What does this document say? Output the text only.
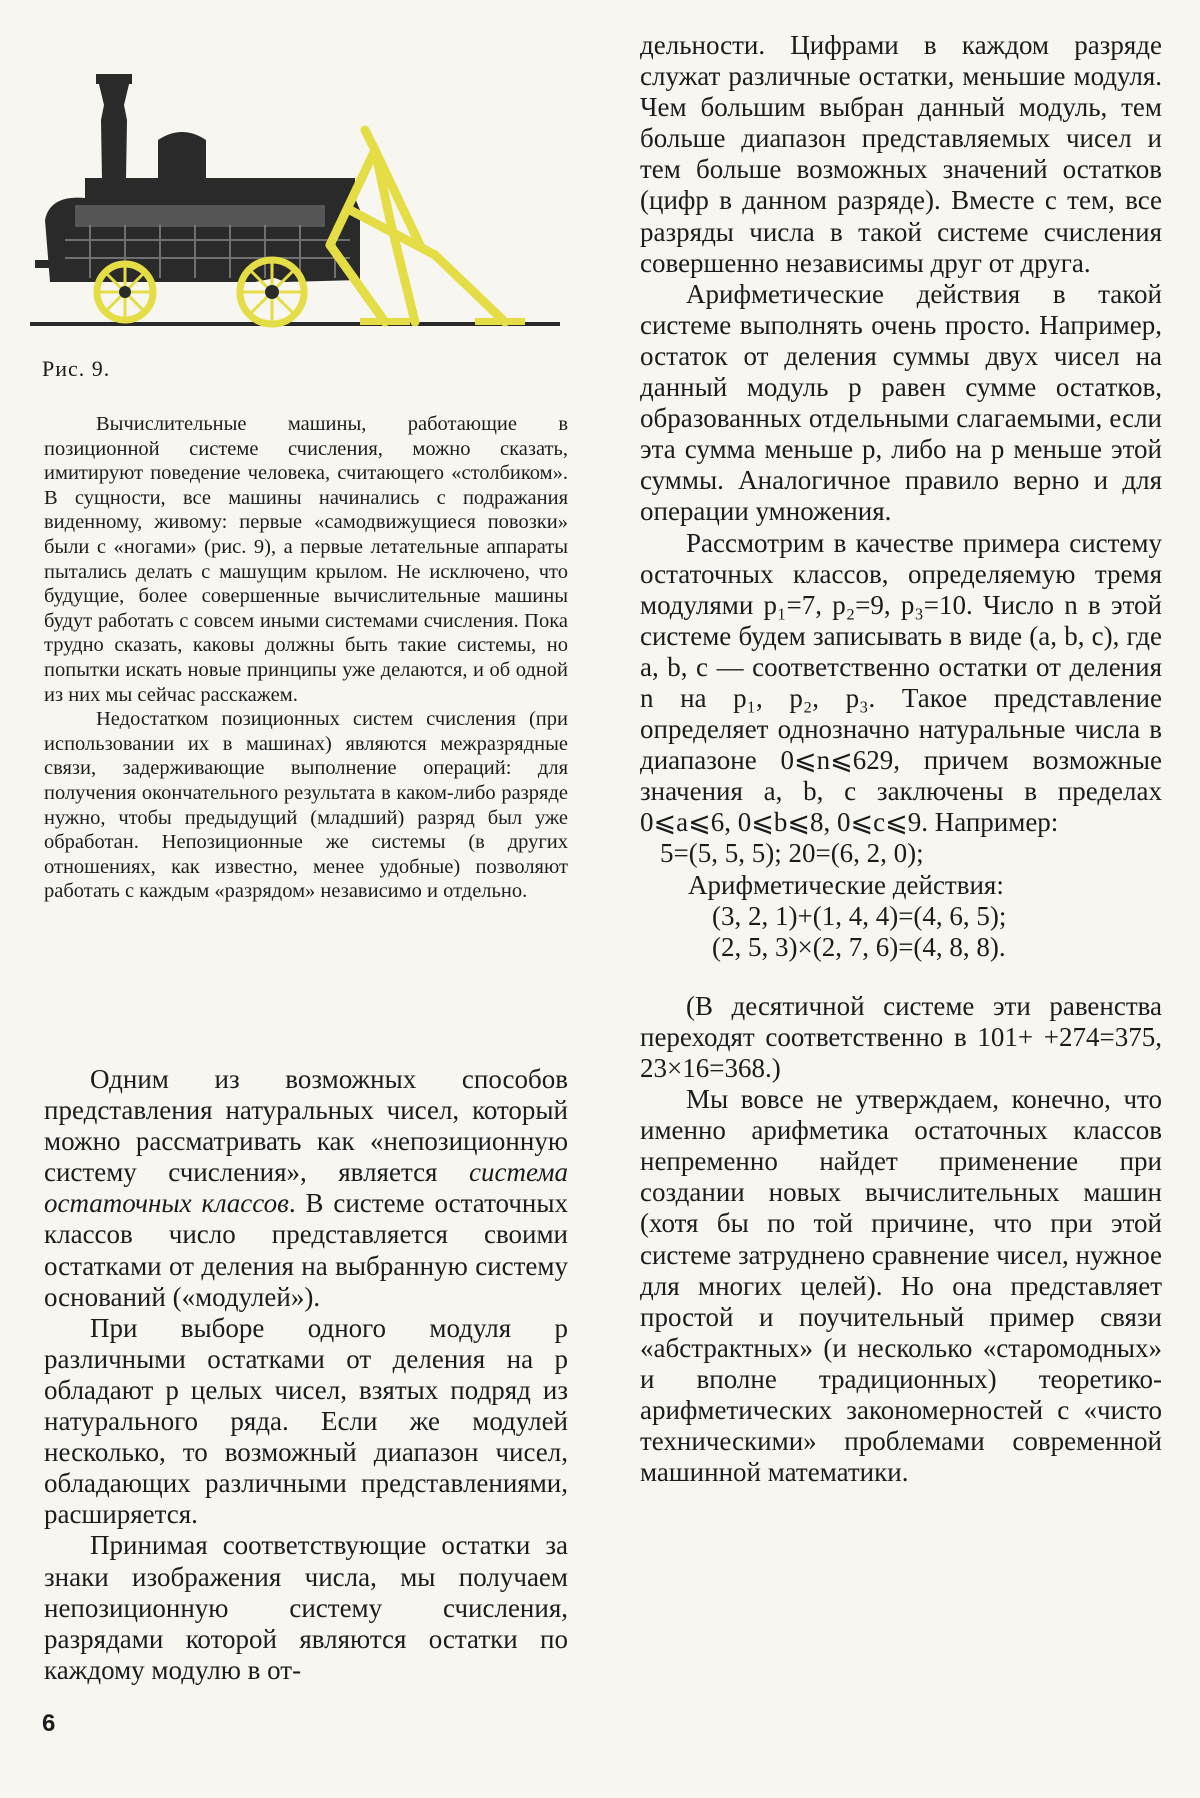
Рис. 9.

Вычислительные машины, работающие в позиционной системе счисления, можно сказать, имитируют поведение человека, считающего «столбиком». В сущности, все машины начинались с подражания виденному, живому: первые «самодвижущиеся повозки» были с «ногами» (рис. 9), а первые летательные аппараты пытались делать с машущим крылом. Не исключено, что будущие, более совершенные вычислительные машины будут работать с совсем иными системами счисления. Пока трудно сказать, каковы должны быть такие системы, но попытки искать новые принципы уже делаются, и об одной из них мы сейчас расскажем.

Недостатком позиционных систем счисления (при использовании их в машинах) являются межразрядные связи, задерживающие выполнение операций: для получения окончательного результата в каком-либо разряде нужно, чтобы предыдущий (младший) разряд был уже обработан. Непозиционные же системы (в других отношениях, как известно, менее удобные) позволяют работать с каждым «разрядом» независимо и отдельно.

Одним из возможных способов представления натуральных чисел, который можно рассматривать как «непозиционную систему счисления», является система остаточных классов. В системе остаточных классов число представляется своими остатками от деления на выбранную систему оснований («модулей»).

При выборе одного модуля p различными остатками от деления на p обладают p целых чисел, взятых подряд из натурального ряда. Если же модулей несколько, то возможный диапазон чисел, обладающих различными представлениями, расширяется.

Принимая соответствующие остатки за знаки изображения числа, мы получаем непозиционную систему счисления, разрядами которой являются остатки по каждому модулю в от-

дельности. Цифрами в каждом разряде служат различные остатки, меньшие модуля. Чем большим выбран данный модуль, тем больше диапазон представляемых чисел и тем больше возможных значений остатков (цифр в данном разряде). Вместе с тем, все разряды числа в такой системе счисления совершенно независимы друг от друга.

Арифметические действия в такой системе выполнять очень просто. Например, остаток от деления суммы двух чисел на данный модуль p равен сумме остатков, образованных отдельными слагаемыми, если эта сумма меньше p, либо на p меньше этой суммы. Аналогичное правило верно и для операции умножения.

Рассмотрим в качестве примера систему остаточных классов, определяемую тремя модулями p₁=7, p₂=9, p₃=10. Число n в этой системе будем записывать в виде (a, b, c), где a, b, c — соответственно остатки от деления n на p₁, p₂, p₃. Такое представление определяет однозначно натуральные числа в диапазоне 0⩽n⩽629, причем возможные значения a, b, c заключены в пределах 0⩽a⩽6, 0⩽b⩽8, 0⩽c⩽9. Например:

5=(5, 5, 5); 20=(6, 2, 0);

Арифметические действия:

(3, 2, 1)+(1, 4, 4)=(4, 6, 5);

(2, 5, 3)×(2, 7, 6)=(4, 8, 8).

(В десятичной системе эти равенства переходят соответственно в 101+ +274=375, 23×16=368.)

Мы вовсе не утверждаем, конечно, что именно арифметика остаточных классов непременно найдет применение при создании новых вычислительных машин (хотя бы по той причине, что при этой системе затруднено сравнение чисел, нужное для многих целей). Но она представляет простой и поучительный пример связи «абстрактных» (и несколько «старомодных» и вполне традиционных) теоретико-арифметических закономерностей с «чисто техническими» проблемами современной машинной математики.

6
